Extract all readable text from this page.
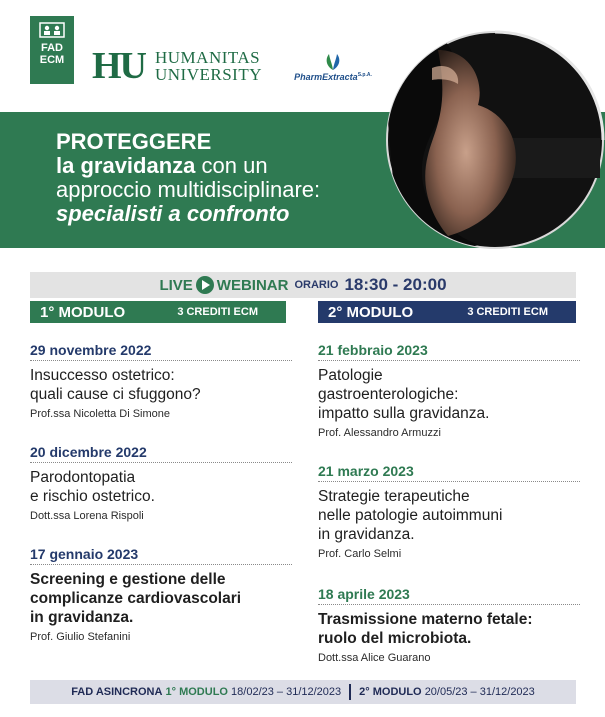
FAD
ECM HU HUMANITAS
UNIVERSITY	PharmExtracta$^{S.p.A.}$
G
PROTEGGERE
la gravidanza con un
approccio multidisciplinare:
specialisti a confronto
LIVE WEBINAR ORARIO 18:30 - 20:00
1° MODULO	3 CREDITI ECM	2° MODULO	3 CREDITI ECM
29 novembre 2022
Insuccesso ostetrico:
quali cause ci sfuggono?
Prof.ssa Nicoletta Di Simone
20 dicembre 2022
Parodontopatia
e rischio ostetrico.
Dott.ssa Lorena Rispoli
17 gennaio 2023
Screening e gestione delle
complicanze cardiovascolari
in gravidanza.
Prof. Giulio Stefanini
21 febbraio 2023
Patologie
gastroenterologiche:
impatto sulla gravidanza.
Prof. Alessandro Armuzzi
21 marzo 2023
Strategie terapeutiche
nelle patologie autoimmuni
in gravidanza.
Prof. Carlo Selmi
18 aprile 2023
Trasmissione materno fetale:
ruolo del microbiota.
Dott.ssa Alice Guarano
FAD ASINCRONA
1° MODULO
18/02/23 – 31/12/2023 2° MODULO
20/05/23 – 31/12/2023
